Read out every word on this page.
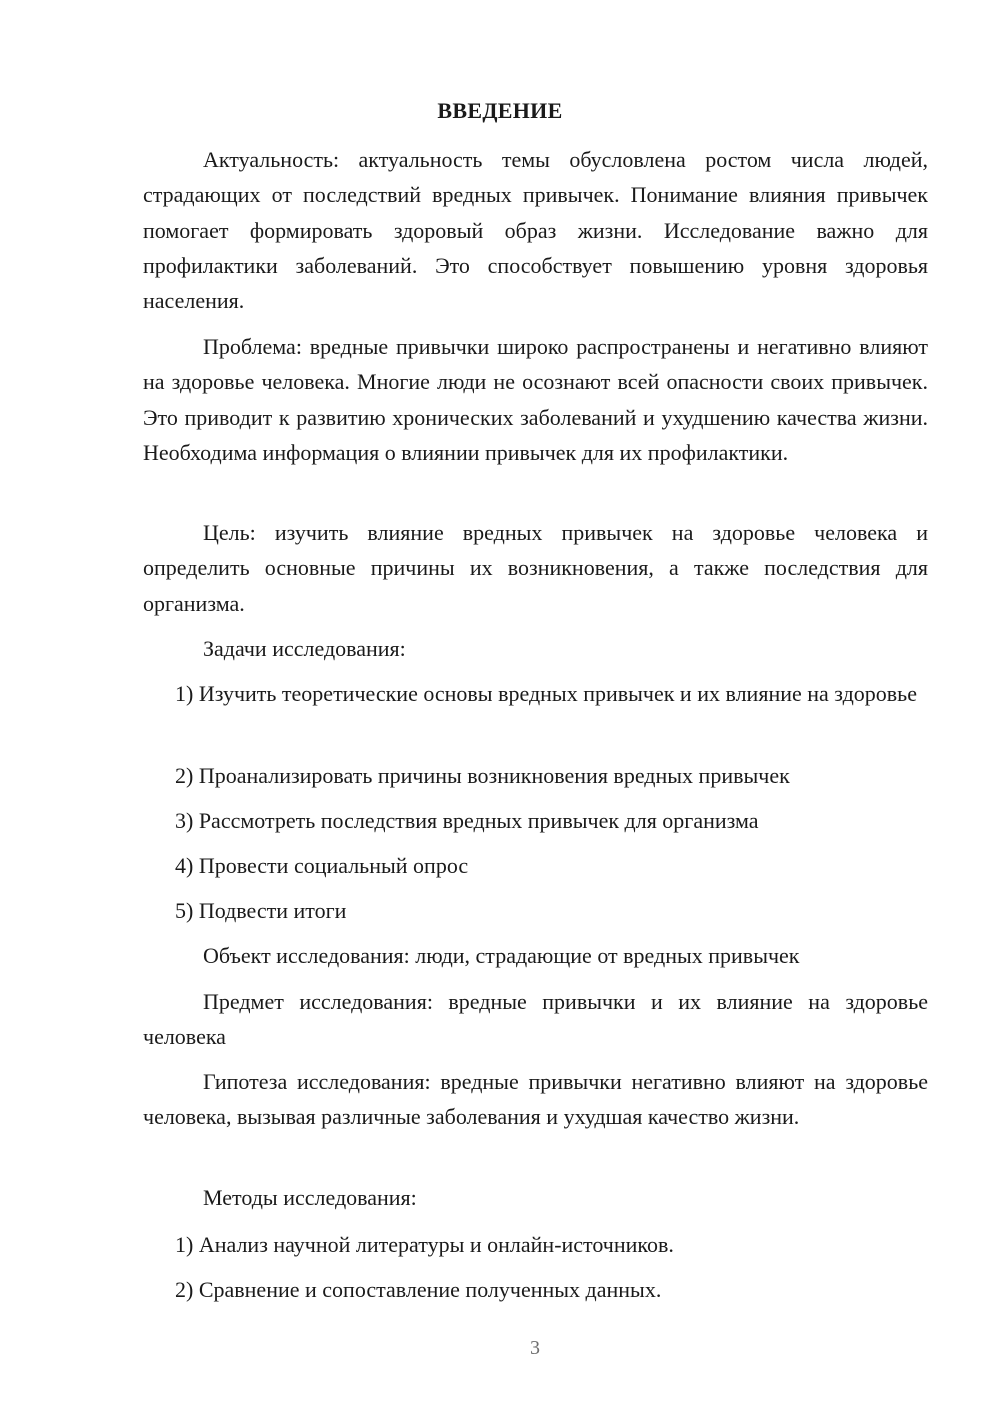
ВВЕДЕНИЕ

Актуальность: актуальность темы обусловлена ростом числа людей, страдающих от последствий вредных привычек. Понимание влияния привычек помогает формировать здоровый образ жизни. Исследование важно для профилактики заболеваний. Это способствует повышению уровня здоровья населения.

Проблема: вредные привычки широко распространены и негативно влияют на здоровье человека. Многие люди не осознают всей опасности своих привычек. Это приводит к развитию хронических заболеваний и ухудшению качества жизни. Необходима информация о влиянии привычек для их профилактики.

Цель: изучить влияние вредных привычек на здоровье человека и определить основные причины их возникновения, а также последствия для организма.

Задачи исследования:

1) Изучить теоретические основы вредных привычек и их влияние на здоровье

2) Проанализировать причины возникновения вредных привычек

3) Рассмотреть последствия вредных привычек для организма

4) Провести социальный опрос

5) Подвести итоги

Объект исследования: люди, страдающие от вредных привычек

Предмет исследования: вредные привычки и их влияние на здоровье человека

Гипотеза исследования: вредные привычки негативно влияют на здоровье человека, вызывая различные заболевания и ухудшая качество жизни.

Методы исследования:

1) Анализ научной литературы и онлайн-источников.

2) Сравнение и сопоставление полученных данных.

3
